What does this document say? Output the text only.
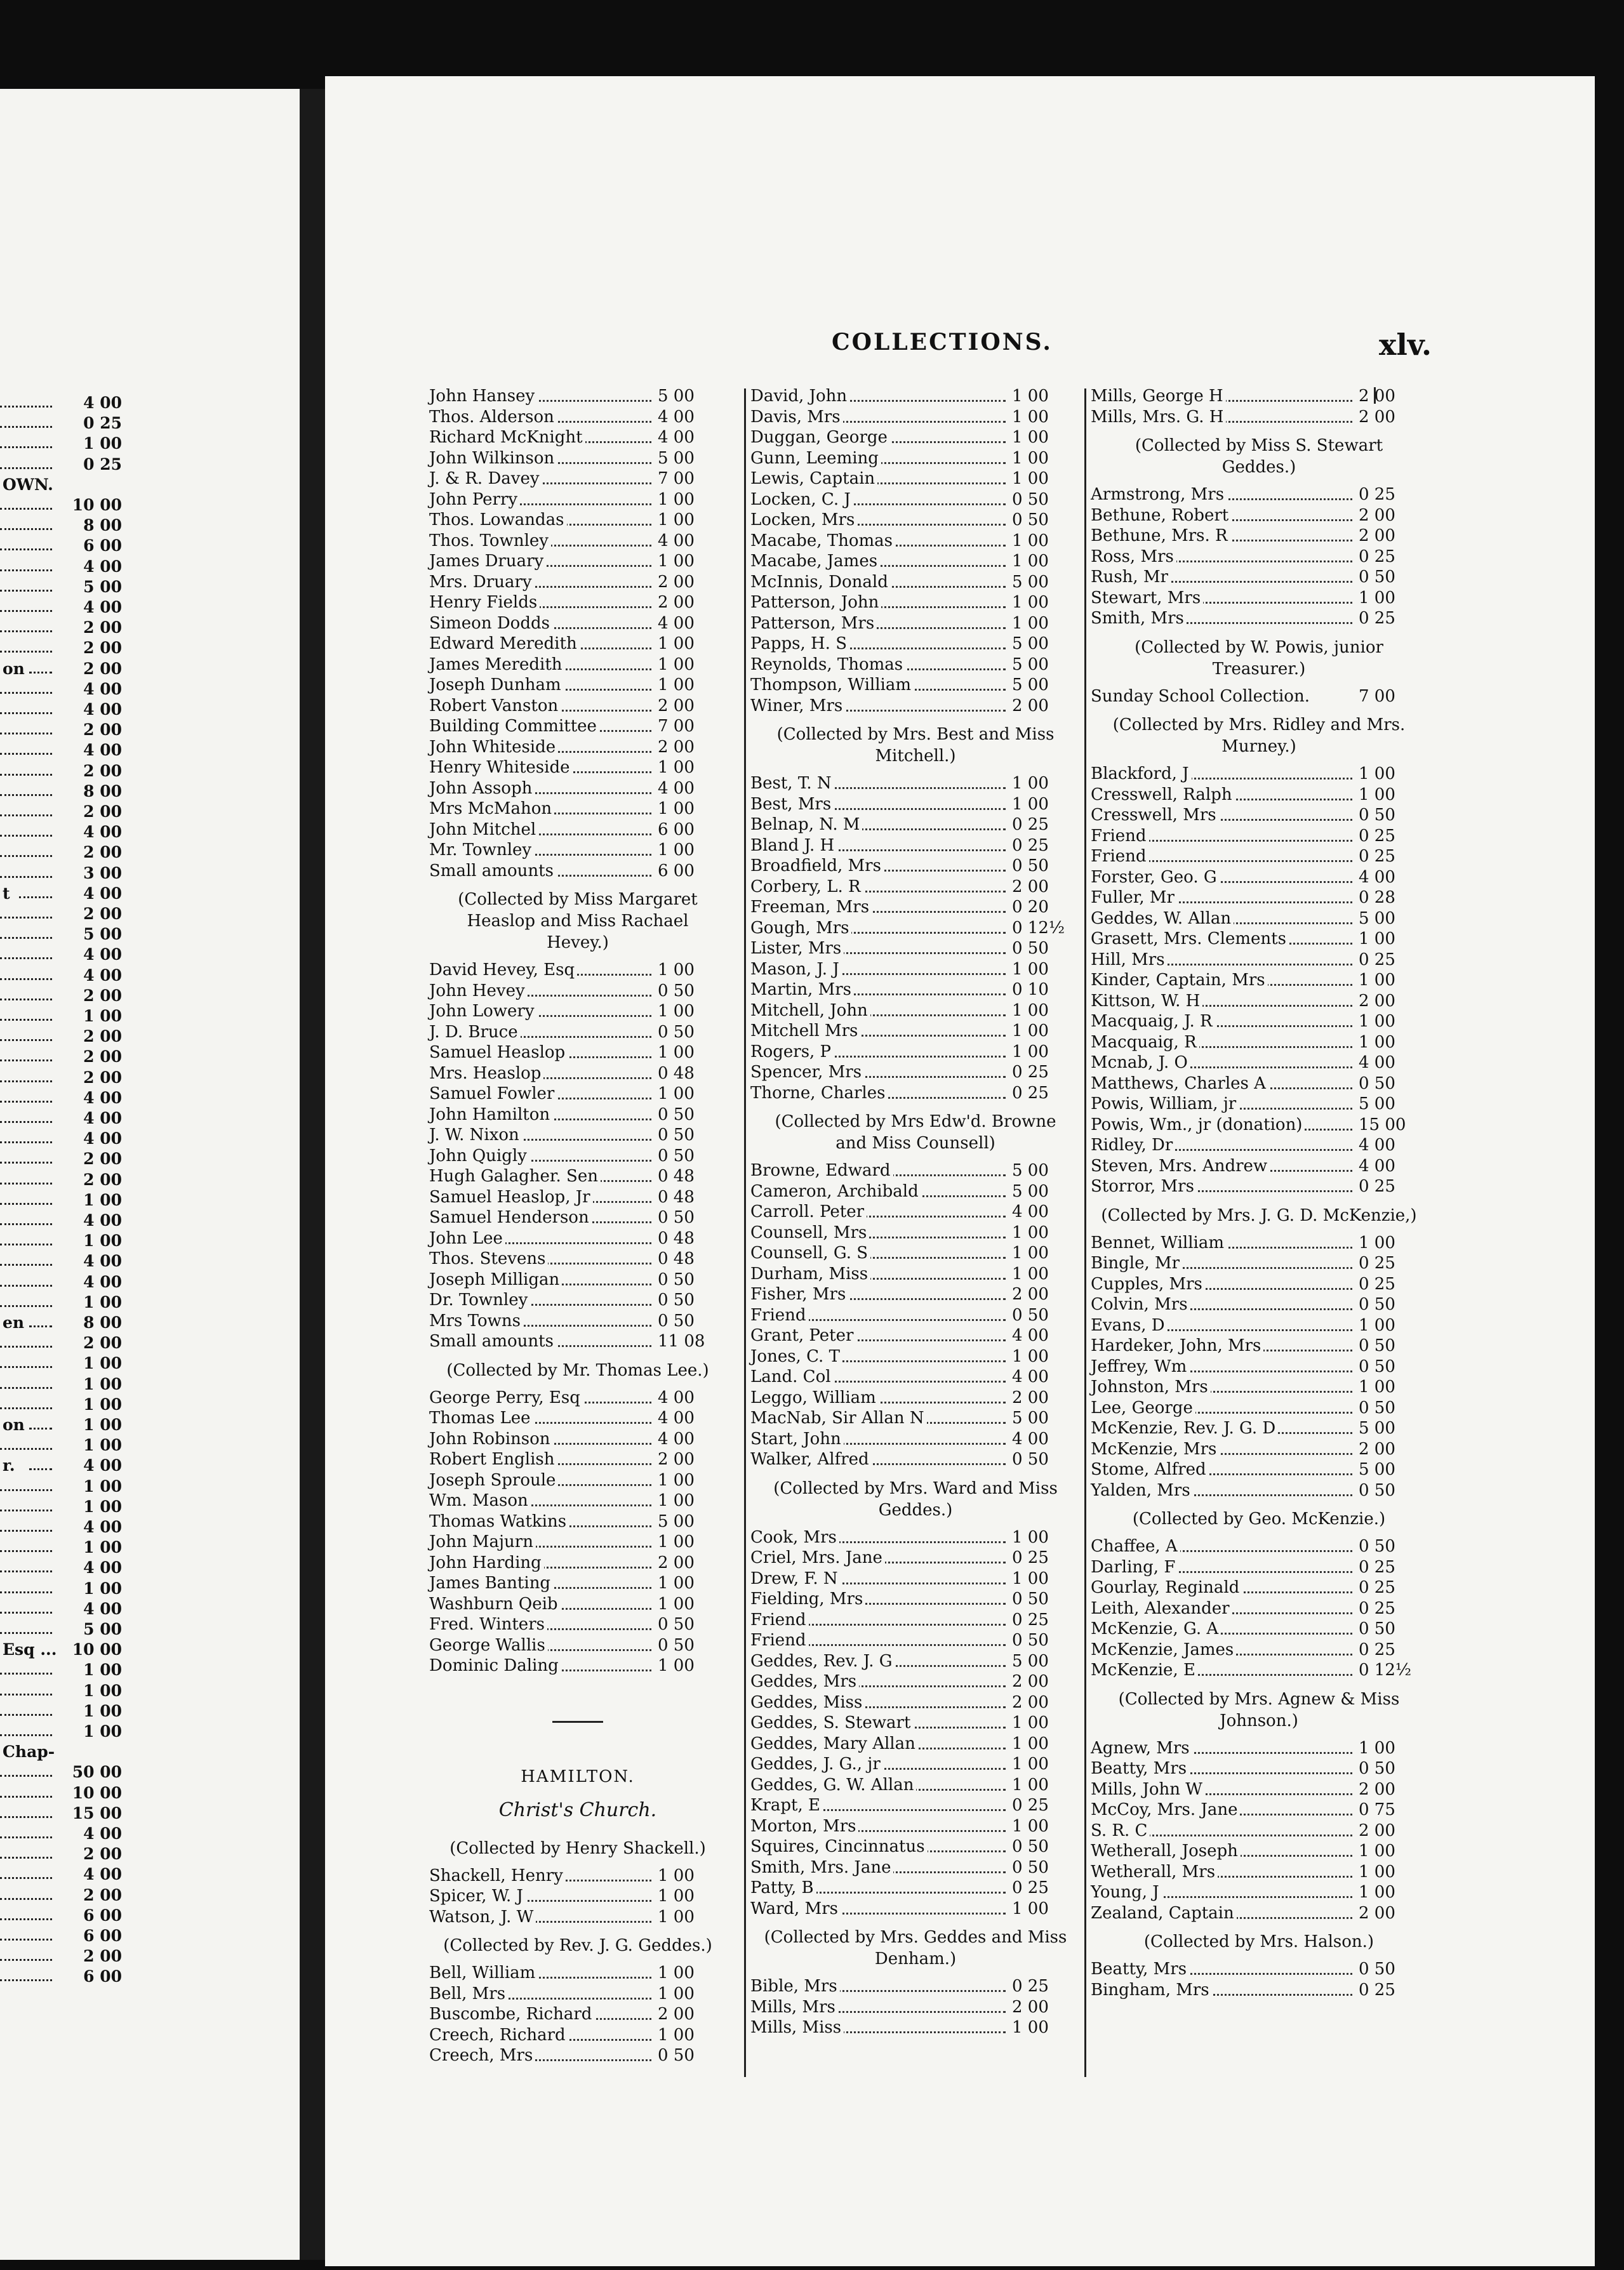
4 00
0 25
1 00
0 25
OWN.
10 00
8 00
6 00
4 00
5 00
4 00
2 00
2 00
on	2 00
4 00
4 00
2 00
4 00
2 00
8 00
2 00
4 00
2 00
3 00
t	4 00
2 00
5 00
4 00
4 00
2 00
1 00
2 00
2 00
2 00
4 00
4 00
4 00
2 00
2 00
1 00
4 00
1 00
4 00
4 00
1 00
en	8 00
2 00
1 00
1 00
1 00
on	1 00
1 00
r.	4 00
1 00
1 00
4 00
1 00
4 00
1 00
4 00
5 00
Esq ... 10 00
1 00
1 00
1 00
1 00
Chap-
50 00
10 00
15 00
4 00
2 00
4 00
2 00
6 00
6 00
2 00
6 00
COLLECTIONS.	xlv.
John Hansey	5 00
Thos. Alderson	4 00
Richard McKnight	4 00
John Wilkinson	5 00
J. & R. Davey	7 00
John Perry	1 00
Thos. Lowandas	1 00
Thos. Townley	4 00
James Druary	1 00
Mrs. Druary	2 00
Henry Fields	2 00
Simeon Dodds	4 00
Edward Meredith	1 00
James Meredith	1 00
Joseph Dunham	1 00
Robert Vanston	2 00
Building Committee	7 00
John Whiteside	2 00
Henry Whiteside	1 00
John Assoph	4 00
Mrs McMahon	1 00
John Mitchel	6 00
Mr. Townley	1 00
Small amounts	6 00
(Collected by Miss Margaret Heaslop and Miss Rachael Hevey.)
David Hevey, Esq	1 00
John Hevey	0 50
John Lowery	1 00
J. D. Bruce	0 50
Samuel Heaslop	1 00
Mrs. Heaslop	0 48
Samuel Fowler	1 00
John Hamilton	0 50
J. W. Nixon	0 50
John Quigly	0 50
Hugh Galagher. Sen	0 48
Samuel Heaslop, Jr	0 48
Samuel Henderson	0 50
John Lee	0 48
Thos. Stevens	0 48
Joseph Milligan	0 50
Dr. Townley	0 50
Mrs Towns	0 50
Small amounts	11 08
(Collected by Mr. Thomas Lee.)
George Perry, Esq	4 00
Thomas Lee	4 00
John Robinson	4 00
Robert English	2 00
Joseph Sproule	1 00
Wm. Mason	1 00
Thomas Watkins	5 00
John Majurn	1 00
John Harding	2 00
James Banting	1 00
Washburn Qeib	1 00
Fred. Winters	0 50
George Wallis	0 50
Dominic Daling	1 00
HAMILTON.
Christ's Church.
(Collected by Henry Shackell.)
Shackell, Henry	1 00
Spicer, W. J	1 00
Watson, J. W	1 00
(Collected by Rev. J. G. Geddes.)
Bell, William	1 00
Bell, Mrs	1 00
Buscombe, Richard	2 00
Creech, Richard	1 00
Creech, Mrs	0 50
David, John	1 00
Davis, Mrs	1 00
Duggan, George	1 00
Gunn, Leeming	1 00
Lewis, Captain	1 00
Locken, C. J	0 50
Locken, Mrs	0 50
Macabe, Thomas	1 00
Macabe, James	1 00
McInnis, Donald	5 00
Patterson, John	1 00
Patterson, Mrs	1 00
Papps, H. S	5 00
Reynolds, Thomas	5 00
Thompson, William	5 00
Winer, Mrs	2 00
(Collected by Mrs. Best and Miss Mitchell.)
Best, T. N	1 00
Best, Mrs	1 00
Belnap, N. M	0 25
Bland J. H	0 25
Broadfield, Mrs	0 50
Corbery, L. R	2 00
Freeman, Mrs	0 20
Gough, Mrs	0 12½
Lister, Mrs	0 50
Mason, J. J	1 00
Martin, Mrs	0 10
Mitchell, John	1 00
Mitchell Mrs	1 00
Rogers, P	1 00
Spencer, Mrs	0 25
Thorne, Charles	0 25
(Collected by Mrs Edw'd. Browne and Miss Counsell)
Browne, Edward	5 00
Cameron, Archibald	5 00
Carroll. Peter	4 00
Counsell, Mrs	1 00
Counsell, G. S	1 00
Durham, Miss	1 00
Fisher, Mrs	2 00
Friend	0 50
Grant, Peter	4 00
Jones, C. T	1 00
Land. Col	4 00
Leggo, William	2 00
MacNab, Sir Allan N	5 00
Start, John	4 00
Walker, Alfred	0 50
(Collected by Mrs. Ward and Miss Geddes.)
Cook, Mrs	1 00
Criel, Mrs. Jane	0 25
Drew, F. N	1 00
Fielding, Mrs	0 50
Friend	0 25
Friend	0 50
Geddes, Rev. J. G	5 00
Geddes, Mrs	2 00
Geddes, Miss	2 00
Geddes, S. Stewart	1 00
Geddes, Mary Allan	1 00
Geddes, J. G., jr	1 00
Geddes, G. W. Allan	1 00
Krapt, E	0 25
Morton, Mrs	1 00
Squires, Cincinnatus	0 50
Smith, Mrs. Jane	0 50
Patty, B	0 25
Ward, Mrs	1 00
(Collected by Mrs. Geddes and Miss Denham.)
Bible, Mrs	0 25
Mills, Mrs	2 00
Mills, Miss	1 00
Mills, George H	2 00
Mills, Mrs. G. H	2 00
(Collected by Miss S. Stewart Geddes.)
Armstrong, Mrs	0 25
Bethune, Robert	2 00
Bethune, Mrs. R	2 00
Ross, Mrs	0 25
Rush, Mr	0 50
Stewart, Mrs	1 00
Smith, Mrs	0 25
(Collected by W. Powis, junior Treasurer.)
Sunday School Collection.	7 00
(Collected by Mrs. Ridley and Mrs. Murney.)
Blackford, J	1 00
Cresswell, Ralph	1 00
Cresswell, Mrs	0 50
Friend	0 25
Friend	0 25
Forster, Geo. G	4 00
Fuller, Mr	0 28
Geddes, W. Allan	5 00
Grasett, Mrs. Clements	1 00
Hill, Mrs	0 25
Kinder, Captain, Mrs	1 00
Kittson, W. H	2 00
Macquaig, J. R	1 00
Macquaig, R	1 00
Mcnab, J. O	4 00
Matthews, Charles A	0 50
Powis, William, jr	5 00
Powis, Wm., jr (donation)	15 00
Ridley, Dr	4 00
Steven, Mrs. Andrew	4 00
Storror, Mrs	0 25
(Collected by Mrs. J. G. D. McKenzie,)
Bennet, William	1 00
Bingle, Mr	0 25
Cupples, Mrs	0 25
Colvin, Mrs	0 50
Evans, D	1 00
Hardeker, John, Mrs	0 50
Jeffrey, Wm	0 50
Johnston, Mrs	1 00
Lee, George	0 50
McKenzie, Rev. J. G. D	5 00
McKenzie, Mrs	2 00
Stome, Alfred	5 00
Yalden, Mrs	0 50
(Collected by Geo. McKenzie.)
Chaffee, A	0 50
Darling, F	0 25
Gourlay, Reginald	0 25
Leith, Alexander	0 25
McKenzie, G. A	0 50
McKenzie, James	0 25
McKenzie, E	0 12½
(Collected by Mrs. Agnew & Miss Johnson.)
Agnew, Mrs	1 00
Beatty, Mrs	0 50
Mills, John W	2 00
McCoy, Mrs. Jane	0 75
S. R. C	2 00
Wetherall, Joseph	1 00
Wetherall, Mrs	1 00
Young, J	1 00
Zealand, Captain	2 00
(Collected by Mrs. Halson.)
Beatty, Mrs	0 50
Bingham, Mrs	0 25
